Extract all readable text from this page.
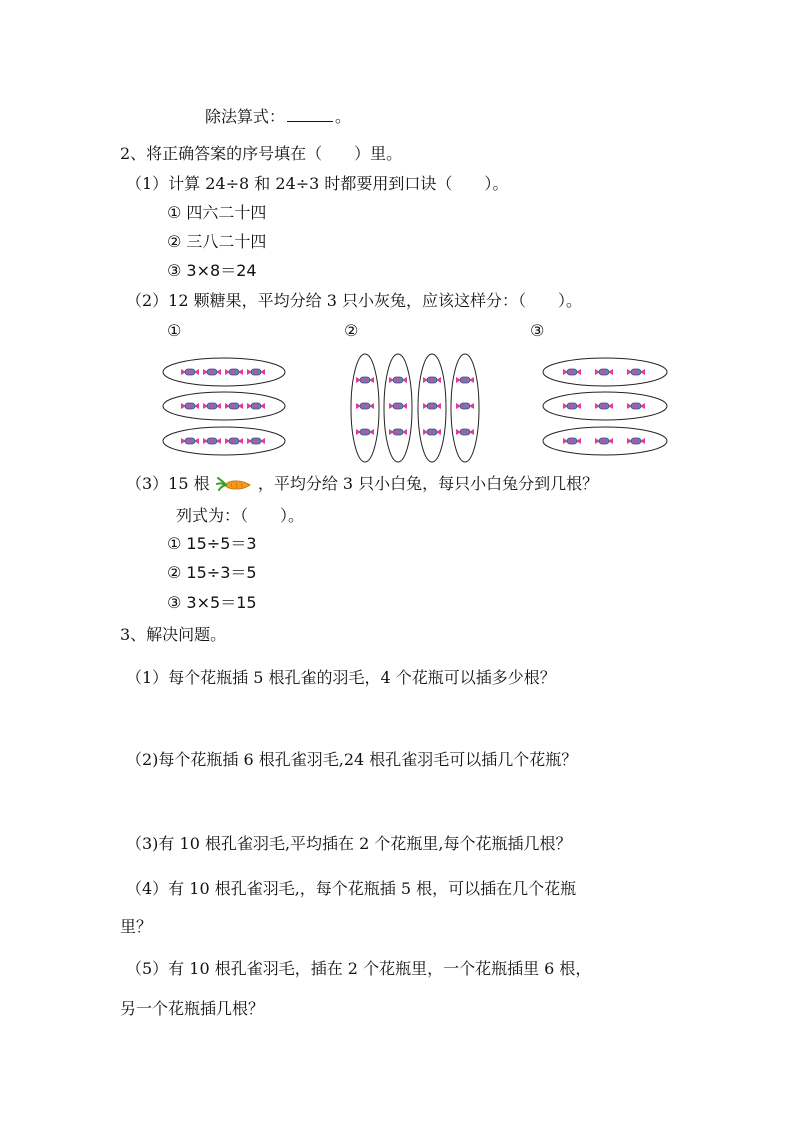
除法算式：	。
2、将正确答案的序号填在（　　）里。
（1）计算 24÷8 和 24÷3 时都要用到口诀（　　）。
① 四六二十四
② 三八二十四
③ 3×8＝24
（2）12 颗糖果，平均分给 3 只小灰兔，应该这样分：（　　）。
①	②	③
（3）15 根	，平均分给 3 只小白兔，每只小白兔分到几根？
列式为：（　　）。
① 15÷5＝3
② 15÷3＝5
③ 3×5＝15
3、解决问题。
（1）每个花瓶插 5 根孔雀的羽毛，4 个花瓶可以插多少根？
（2)每个花瓶插 6 根孔雀羽毛,24 根孔雀羽毛可以插几个花瓶？
（3)有 10 根孔雀羽毛,平均插在 2 个花瓶里,每个花瓶插几根？
（4）有 10 根孔雀羽毛,，每个花瓶插 5 根，可以插在几个花瓶
里？
（5）有 10 根孔雀羽毛，插在 2 个花瓶里，一个花瓶插里 6 根，
另一个花瓶插几根？
